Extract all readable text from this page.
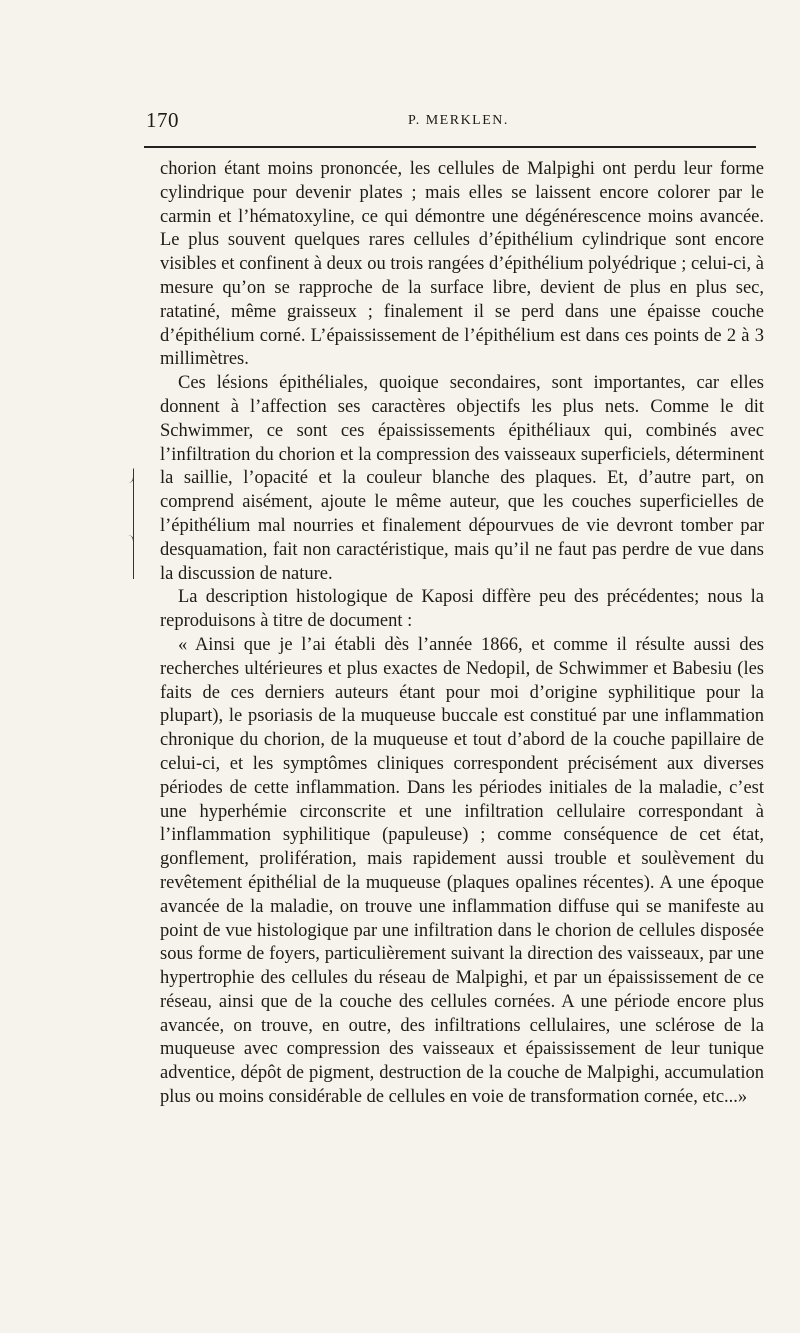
170	P. MERKLEN.

chorion étant moins prononcée, les cellules de Malpighi ont perdu leur forme cylindrique pour devenir plates ; mais elles se laissent encore colorer par le carmin et l’hématoxyline, ce qui démontre une dégénérescence moins avancée. Le plus souvent quelques rares cellules d’épithélium cylindrique sont encore visibles et confinent à deux ou trois rangées d’épithélium polyédrique ; celui-ci, à mesure qu’on se rapproche de la surface libre, devient de plus en plus sec, ratatiné, même graisseux ; finalement il se perd dans une épaisse couche d’épithélium corné. L’épaississement de l’épithélium est dans ces points de 2 à 3 millimètres.

Ces lésions épithéliales, quoique secondaires, sont importantes, car elles donnent à l’affection ses caractères objectifs les plus nets. Comme le dit Schwimmer, ce sont ces épaississements épithéliaux qui, combinés avec l’infiltration du chorion et la compression des vaisseaux superficiels, déterminent la saillie, l’opacité et la couleur blanche des plaques. Et, d’autre part, on comprend aisément, ajoute le même auteur, que les couches superficielles de l’épithélium mal nourries et finalement dépourvues de vie devront tomber par desquamation, fait non caractéristique, mais qu’il ne faut pas perdre de vue dans la discussion de nature.

La description histologique de Kaposi diffère peu des précédentes; nous la reproduisons à titre de document :

« Ainsi que je l’ai établi dès l’année 1866, et comme il résulte aussi des recherches ultérieures et plus exactes de Nedopil, de Schwimmer et Babesiu (les faits de ces derniers auteurs étant pour moi d’origine syphilitique pour la plupart), le psoriasis de la muqueuse buccale est constitué par une inflammation chronique du chorion, de la muqueuse et tout d’abord de la couche papillaire de celui-ci, et les symptômes cliniques correspondent précisément aux diverses périodes de cette inflammation. Dans les périodes initiales de la maladie, c’est une hyperhémie circonscrite et une infiltration cellulaire correspondant à l’inflammation syphilitique (papuleuse) ; comme conséquence de cet état, gonflement, prolifération, mais rapidement aussi trouble et soulèvement du revêtement épithélial de la muqueuse (plaques opalines récentes). A une époque avancée de la maladie, on trouve une inflammation diffuse qui se manifeste au point de vue histologique par une infiltration dans le chorion de cellules disposée sous forme de foyers, particulièrement suivant la direction des vaisseaux, par une hypertrophie des cellules du réseau de Malpighi, et par un épaississement de ce réseau, ainsi que de la couche des cellules cornées. A une période encore plus avancée, on trouve, en outre, des infiltrations cellulaires, une sclérose de la muqueuse avec compression des vaisseaux et épaississement de leur tunique adventice, dépôt de pigment, destruction de la couche de Malpighi, accumulation plus ou moins considérable de cellules en voie de transformation cornée, etc...»
